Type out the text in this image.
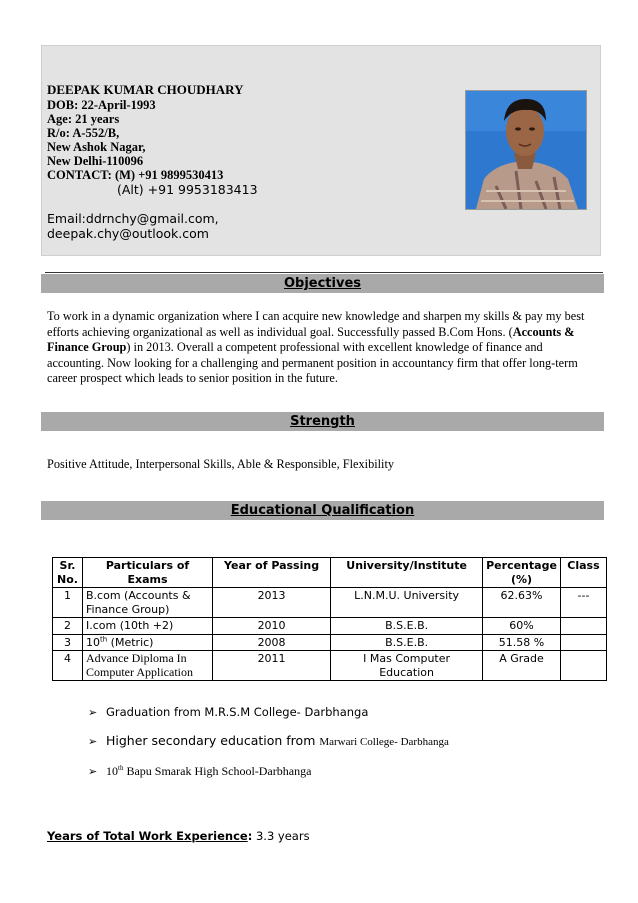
DEEPAK KUMAR CHOUDHARY
DOB: 22-April-1993
Age: 21 years
R/o: A-552/B,
New Ashok Nagar,
New Delhi-110096
CONTACT: (M) +91 9899530413
(Alt) +91 9953183413
Email:ddrnchy@gmail.com,
deepak.chy@outlook.com
Objectives
To work in a dynamic organization where I can acquire new knowledge and sharpen my skills & pay my best efforts achieving organizational as well as individual goal. Successfully passed B.Com Hons. (Accounts & Finance Group) in 2013. Overall a competent professional with excellent knowledge of finance and accounting. Now looking for a challenging and permanent position in accountancy firm that offer long-term career prospect which leads to senior position in the future.
Strength
Positive Attitude, Interpersonal Skills, Able & Responsible, Flexibility
Educational Qualification
Sr. No.	Particulars of Exams	Year of Passing	University/Institute	Percentage (%)	Class
1	B.com (Accounts & Finance Group)	2013	L.N.M.U. University	62.63%	---
2	I.com (10th +2)	2010	B.S.E.B.	60%	
3	10th (Metric)	2008	B.S.E.B.	51.58 %	
4	Advance Diploma In Computer Application	2011	I Mas Computer Education	A Grade	
➢ Graduation from M.R.S.M College- Darbhanga
➢ Higher secondary education from Marwari College- Darbhanga
➢ 10th Bapu Smarak High School-Darbhanga
Years of Total Work Experience: 3.3 years
